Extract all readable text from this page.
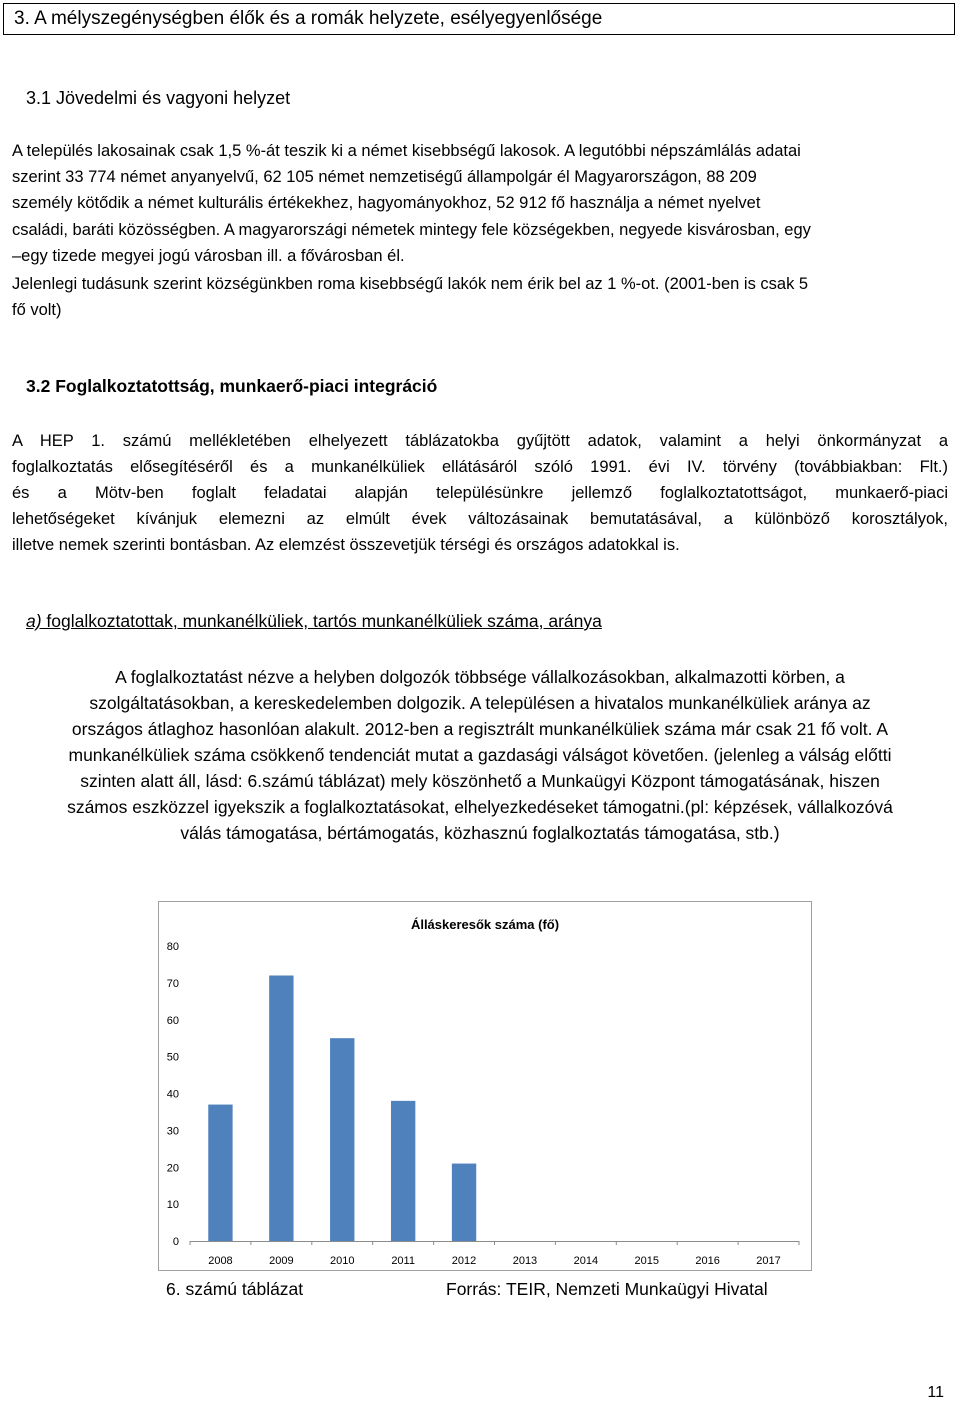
3. A mélyszegénységben élők és a romák helyzete, esélyegyenlősége
3.1 Jövedelmi és vagyoni helyzet
A település lakosainak csak 1,5 %-át teszik ki a német kisebbségű lakosok. A legutóbbi népszámlálás adatai
szerint 33 774 német anyanyelvű, 62 105 német nemzetiségű állampolgár él Magyarországon, 88 209
személy kötődik a német kulturális értékekhez, hagyományokhoz, 52 912 fő használja a német nyelvet
családi, baráti közösségben. A magyarországi németek mintegy fele községekben, negyede kisvárosban, egy
–egy tizede megyei jogú városban ill. a fővárosban él.
Jelenlegi tudásunk szerint községünkben roma kisebbségű lakók nem érik bel az 1 %-ot. (2001-ben is csak 5
fő volt)
3.2 Foglalkoztatottság, munkaerő-piaci integráció
A HEP 1. számú mellékletében elhelyezett táblázatokba gyűjtött adatok, valamint a helyi önkormányzat a
foglalkoztatás elősegítéséről és a munkanélküliek ellátásáról szóló 1991. évi IV. törvény (továbbiakban: Flt.)
és a Mötv-ben foglalt feladatai alapján településünkre jellemző foglalkoztatottságot, munkaerő-piaci
lehetőségeket kívánjuk elemezni az elmúlt évek változásainak bemutatásával, a különböző korosztályok,
illetve nemek szerinti bontásban. Az elemzést összevetjük térségi és országos adatokkal is.
a) foglalkoztatottak, munkanélküliek, tartós munkanélküliek száma, aránya
A foglalkoztatást nézve a helyben dolgozók többsége vállalkozásokban, alkalmazotti körben, a
szolgáltatásokban, a kereskedelemben dolgozik. A településen a hivatalos munkanélküliek aránya az
országos átlaghoz hasonlóan alakult. 2012-ben a regisztrált munkanélküliek száma már csak 21 fő volt. A
munkanélküliek száma csökkenő tendenciát mutat a gazdasági válságot követően. (jelenleg a válság előtti
szinten alatt áll, lásd: 6.számú táblázat) mely köszönhető a Munkaügyi Központ támogatásának, hiszen
számos eszközzel igyekszik a foglalkoztatásokat, elhelyezkedéseket támogatni.(pl: képzések, vállalkozóvá
válás támogatása, bértámogatás, közhasznú foglalkoztatás támogatása, stb.)
Álláskeresők száma (fő)
0
10
20
30
40
50
60
70
80
2008	2009	2010	2011	2012	2013	2014	2015	2016	2017
6. számú táblázat	Forrás: TEIR, Nemzeti Munkaügyi Hivatal
11
